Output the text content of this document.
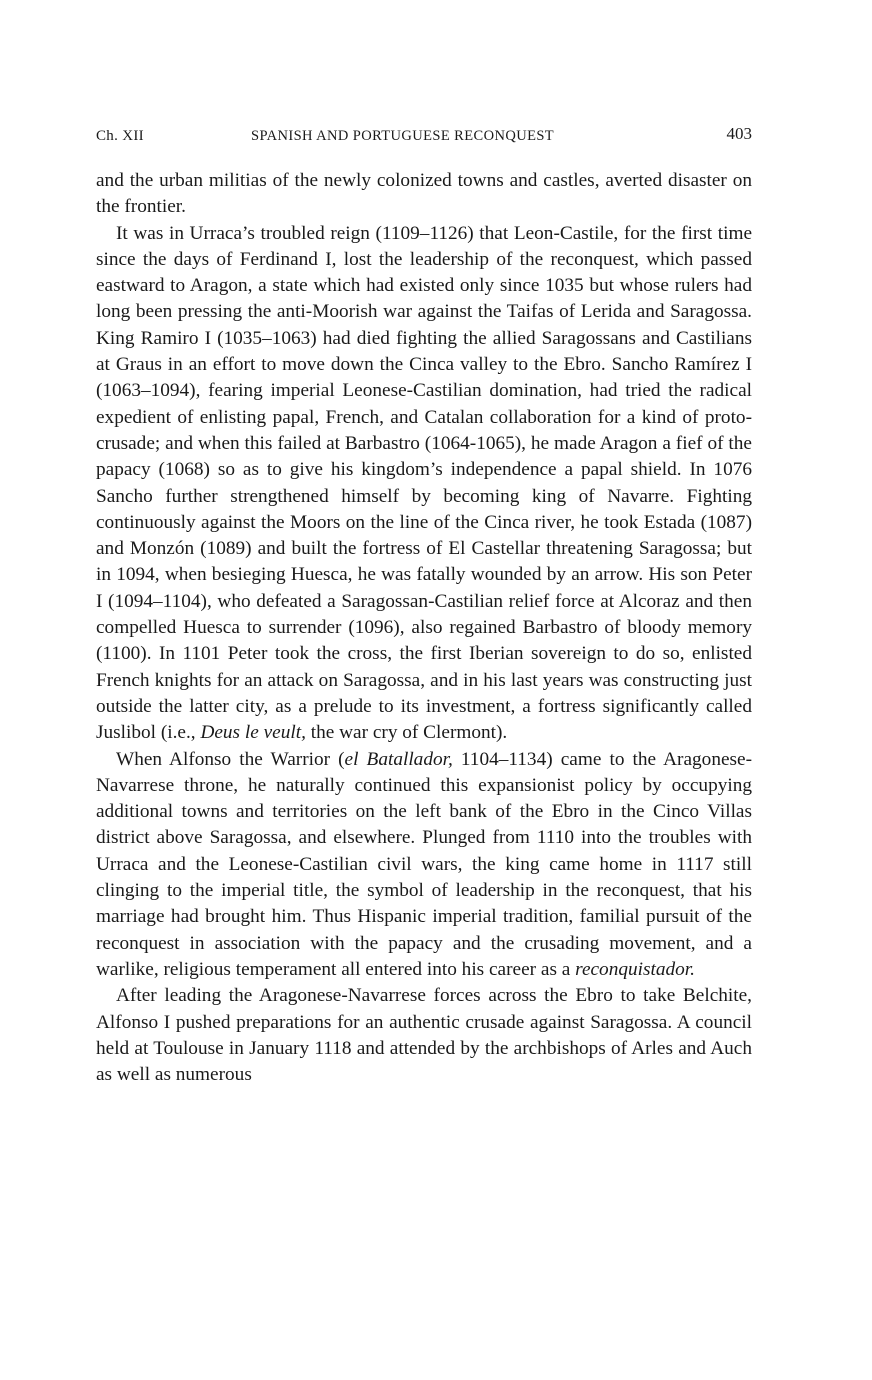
Ch. XII	SPANISH AND PORTUGUESE RECONQUEST	403

and the urban militias of the newly colonized towns and castles, averted disaster on the frontier.

It was in Urraca’s troubled reign (1109–1126) that Leon-Castile, for the first time since the days of Ferdinand I, lost the leadership of the reconquest, which passed eastward to Aragon, a state which had existed only since 1035 but whose rulers had long been pressing the anti-Moorish war against the Taifas of Lerida and Saragossa. King Ramiro I (1035–1063) had died fighting the allied Saragossans and Castilians at Graus in an effort to move down the Cinca valley to the Ebro. Sancho Ramírez I (1063–1094), fearing imperial Leonese-Castilian domination, had tried the radical expedient of enlisting papal, French, and Catalan collaboration for a kind of proto-crusade; and when this failed at Barbastro (1064-1065), he made Aragon a fief of the papacy (1068) so as to give his kingdom’s independence a papal shield. In 1076 Sancho further strengthened himself by becoming king of Navarre. Fighting continuously against the Moors on the line of the Cinca river, he took Estada (1087) and Monzón (1089) and built the fortress of El Castellar threatening Saragossa; but in 1094, when besieging Huesca, he was fatally wounded by an arrow. His son Peter I (1094–1104), who defeated a Saragossan-Castilian relief force at Alcoraz and then compelled Huesca to surrender (1096), also regained Barbastro of bloody memory (1100). In 1101 Peter took the cross, the first Iberian sovereign to do so, enlisted French knights for an attack on Saragossa, and in his last years was constructing just outside the latter city, as a prelude to its investment, a fortress significantly called Juslibol (i.e., Deus le veult, the war cry of Clermont).

When Alfonso the Warrior (el Batallador, 1104–1134) came to the Aragonese-Navarrese throne, he naturally continued this expansionist policy by occupying additional towns and territories on the left bank of the Ebro in the Cinco Villas district above Saragossa, and elsewhere. Plunged from 1110 into the troubles with Urraca and the Leonese-Castilian civil wars, the king came home in 1117 still clinging to the imperial title, the symbol of leadership in the reconquest, that his marriage had brought him. Thus Hispanic imperial tradition, familial pursuit of the reconquest in association with the papacy and the crusading movement, and a warlike, religious temperament all entered into his career as a reconquistador.

After leading the Aragonese-Navarrese forces across the Ebro to take Belchite, Alfonso I pushed preparations for an authentic crusade against Saragossa. A council held at Toulouse in January 1118 and attended by the archbishops of Arles and Auch as well as numerous
